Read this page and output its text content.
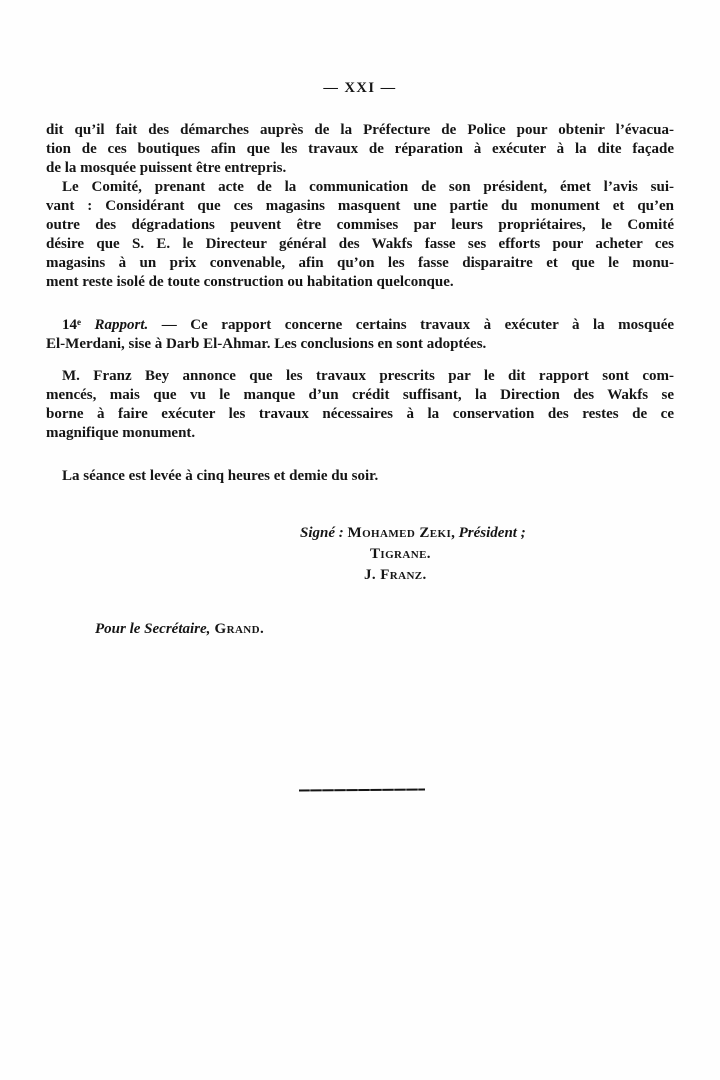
— XXI —
dit qu’il fait des démarches auprès de la Préfecture de Police pour obtenir l’évacua-
tion de ces boutiques afin que les travaux de réparation à exécuter à la dite façade
de la mosquée puissent être entrepris.
Le Comité, prenant acte de la communication de son président, émet l’avis sui-
vant : Considérant que ces magasins masquent une partie du monument et qu’en
outre des dégradations peuvent être commises par leurs propriétaires, le Comité
désire que S. E. le Directeur général des Wakfs fasse ses efforts pour acheter ces
magasins à un prix convenable, afin qu’on les fasse disparaitre et que le monu-
ment reste isolé de toute construction ou habitation quelconque.
14e Rapport. — Ce rapport concerne certains travaux à exécuter à la mosquée
El-Merdani, sise à Darb El-Ahmar. Les conclusions en sont adoptées.
M. Franz Bey annonce que les travaux prescrits par le dit rapport sont com-
mencés, mais que vu le manque d’un crédit suffisant, la Direction des Wakfs se
borne à faire exécuter les travaux nécessaires à la conservation des restes de ce
magnifique monument.
La séance est levée à cinq heures et demie du soir.
Signé : Mohamed Zeki, Président ;
Tigrane.
J. Franz.
Pour le Secrétaire, Grand.
